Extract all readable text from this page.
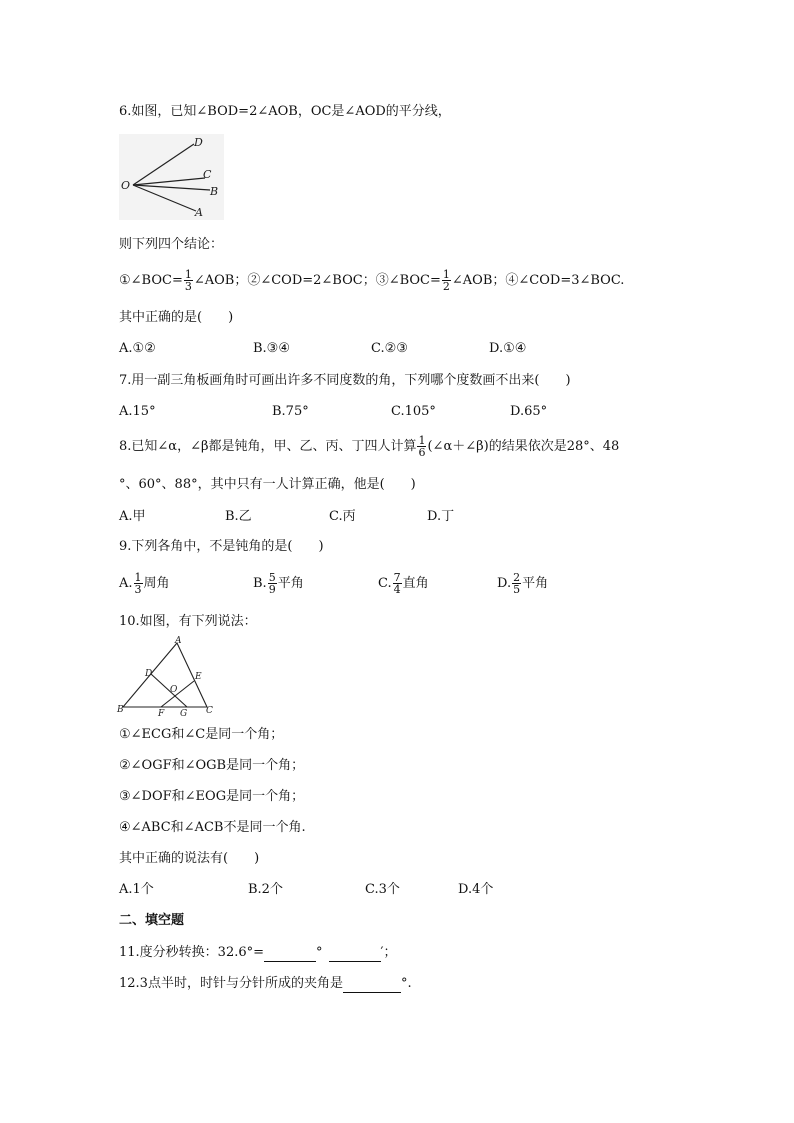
6.如图，已知∠BOD=2∠AOB，OC是∠AOD的平分线，
D
C
B
A
O
则下列四个结论：
①∠BOC= $\frac{1}{3}$ ∠AOB；②∠COD=2∠BOC；③∠BOC= $\frac{1}{2}$ ∠AOB；④∠COD=3∠BOC.
其中正确的是(　　)
A.①②	B.③④	C.②③	D.①④
7.用一副三角板画角时可画出许多不同度数的角，下列哪个度数画不出来(　　)
A.15°	B.75°	C.105°	D.65°
8.已知∠α，∠β都是钝角，甲、乙、丙、丁四人计算 $\frac{1}{6}$ (∠α＋∠β)的结果依次是28°、48
°、60°、88°，其中只有一人计算正确，他是(　　)
A.甲	B.乙	C.丙	D.丁
9.下列各角中，不是钝角的是(　　)
A. $\frac{1}{3}$ 周角	B. $\frac{5}{9}$ 平角	C. $\frac{7}{4}$ 直角	D. $\frac{2}{5}$ 平角
10.如图，有下列说法：
A
B	C
D	E
O
F G
①∠ECG和∠C是同一个角；
②∠OGF和∠OGB是同一个角；
③∠DOF和∠EOG是同一个角；
④∠ABC和∠ACB不是同一个角.
其中正确的说法有(　　)
A.1个	B.2个	C.3个	D.4个
二、填空题
11.度分秒转换：32.6°=	°	′；
12.3点半时，时针与分针所成的夹角是	°.
